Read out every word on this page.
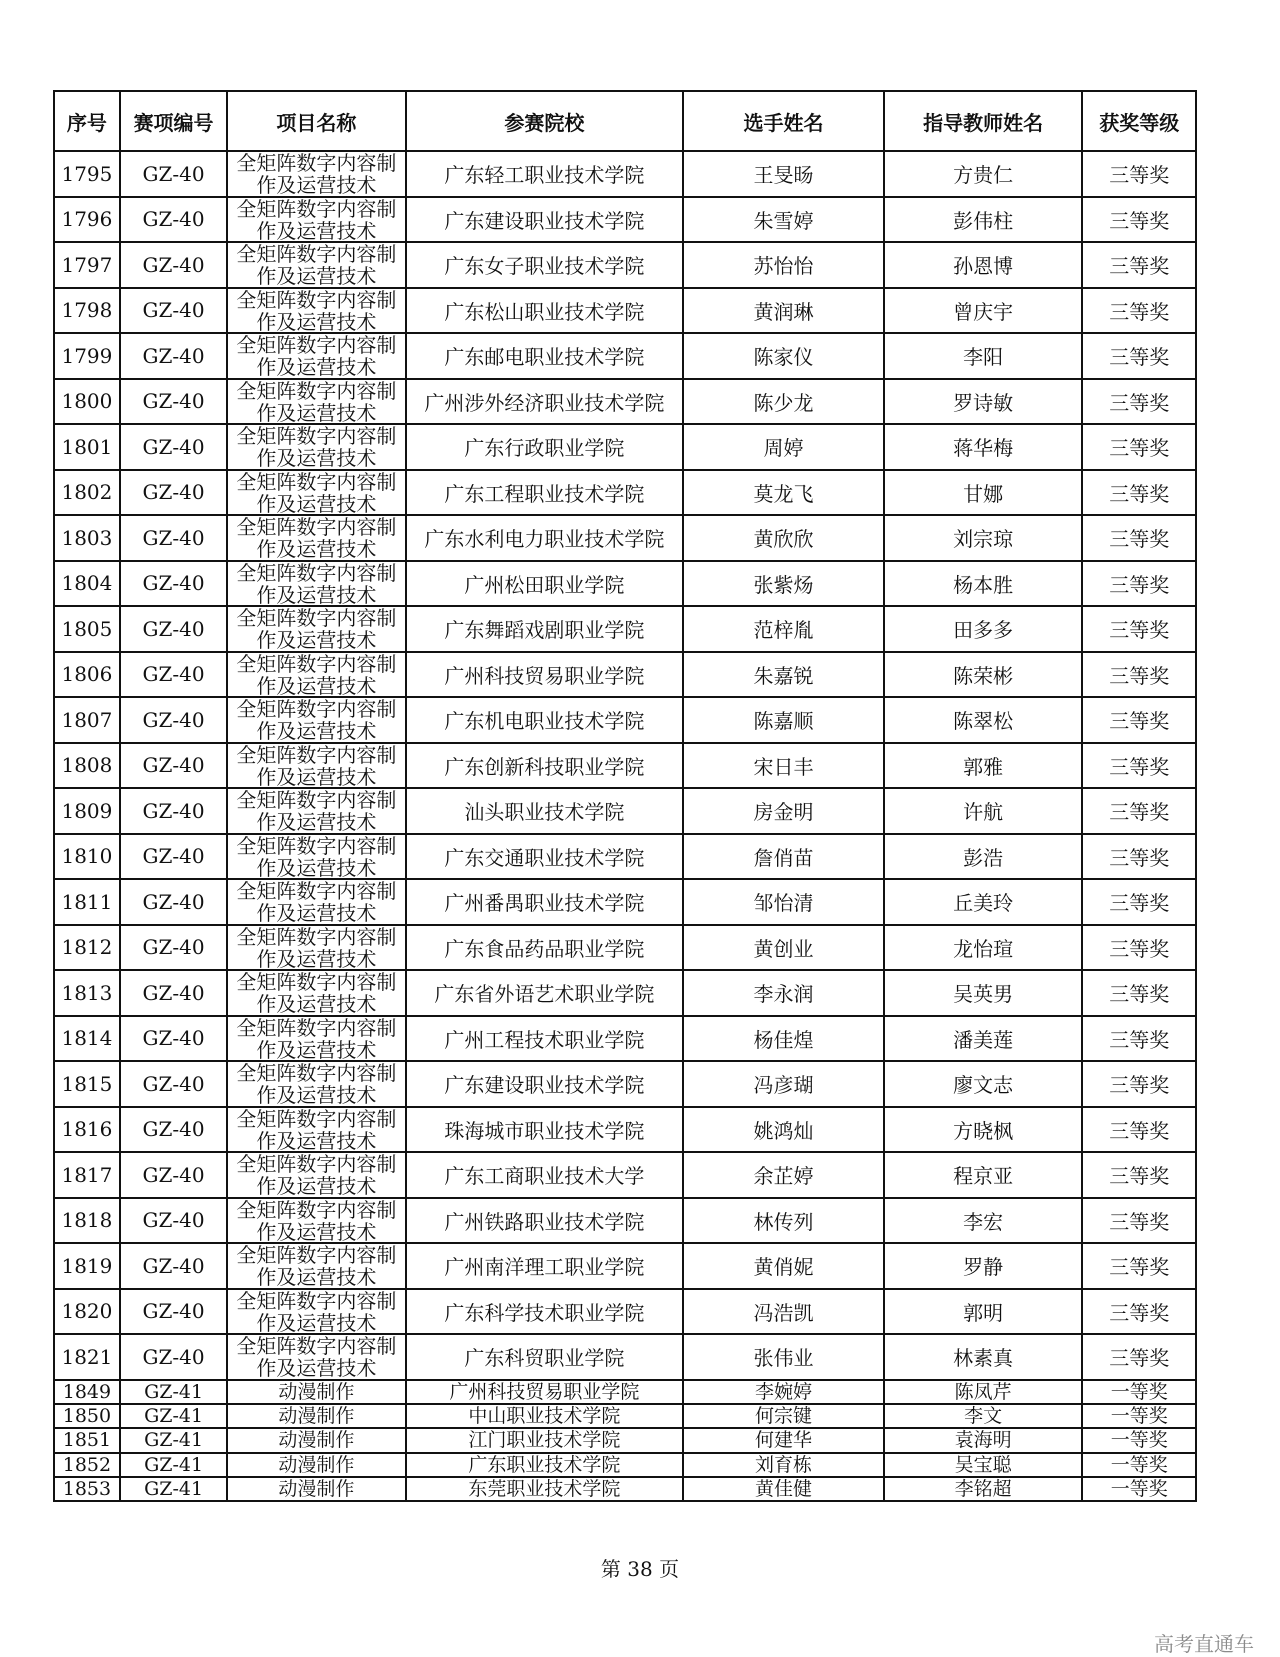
序号	赛项编号	项目名称	参赛院校	选手姓名	指导教师姓名	获奖等级
1795	GZ-40	全矩阵数字内容制作及运营技术	广东轻工职业技术学院	王旻旸	方贵仁	三等奖
1796	GZ-40	全矩阵数字内容制作及运营技术	广东建设职业技术学院	朱雪婷	彭伟柱	三等奖
1797	GZ-40	全矩阵数字内容制作及运营技术	广东女子职业技术学院	苏怡怡	孙恩博	三等奖
1798	GZ-40	全矩阵数字内容制作及运营技术	广东松山职业技术学院	黄润琳	曾庆宇	三等奖
1799	GZ-40	全矩阵数字内容制作及运营技术	广东邮电职业技术学院	陈家仪	李阳	三等奖
1800	GZ-40	全矩阵数字内容制作及运营技术	广州涉外经济职业技术学院	陈少龙	罗诗敏	三等奖
1801	GZ-40	全矩阵数字内容制作及运营技术	广东行政职业学院	周婷	蒋华梅	三等奖
1802	GZ-40	全矩阵数字内容制作及运营技术	广东工程职业技术学院	莫龙飞	甘娜	三等奖
1803	GZ-40	全矩阵数字内容制作及运营技术	广东水利电力职业技术学院	黄欣欣	刘宗琼	三等奖
1804	GZ-40	全矩阵数字内容制作及运营技术	广州松田职业学院	张紫炀	杨本胜	三等奖
1805	GZ-40	全矩阵数字内容制作及运营技术	广东舞蹈戏剧职业学院	范梓胤	田多多	三等奖
1806	GZ-40	全矩阵数字内容制作及运营技术	广州科技贸易职业学院	朱嘉锐	陈荣彬	三等奖
1807	GZ-40	全矩阵数字内容制作及运营技术	广东机电职业技术学院	陈嘉顺	陈翠松	三等奖
1808	GZ-40	全矩阵数字内容制作及运营技术	广东创新科技职业学院	宋日丰	郭雅	三等奖
1809	GZ-40	全矩阵数字内容制作及运营技术	汕头职业技术学院	房金明	许航	三等奖
1810	GZ-40	全矩阵数字内容制作及运营技术	广东交通职业技术学院	詹俏苗	彭浩	三等奖
1811	GZ-40	全矩阵数字内容制作及运营技术	广州番禺职业技术学院	邹怡清	丘美玲	三等奖
1812	GZ-40	全矩阵数字内容制作及运营技术	广东食品药品职业学院	黄创业	龙怡瑄	三等奖
1813	GZ-40	全矩阵数字内容制作及运营技术	广东省外语艺术职业学院	李永润	吴英男	三等奖
1814	GZ-40	全矩阵数字内容制作及运营技术	广州工程技术职业学院	杨佳煌	潘美莲	三等奖
1815	GZ-40	全矩阵数字内容制作及运营技术	广东建设职业技术学院	冯彦瑚	廖文志	三等奖
1816	GZ-40	全矩阵数字内容制作及运营技术	珠海城市职业技术学院	姚鸿灿	方晓枫	三等奖
1817	GZ-40	全矩阵数字内容制作及运营技术	广东工商职业技术大学	余芷婷	程京亚	三等奖
1818	GZ-40	全矩阵数字内容制作及运营技术	广州铁路职业技术学院	林传列	李宏	三等奖
1819	GZ-40	全矩阵数字内容制作及运营技术	广州南洋理工职业学院	黄俏妮	罗静	三等奖
1820	GZ-40	全矩阵数字内容制作及运营技术	广东科学技术职业学院	冯浩凯	郭明	三等奖
1821	GZ-40	全矩阵数字内容制作及运营技术	广东科贸职业学院	张伟业	林素真	三等奖
1849	GZ-41	动漫制作	广州科技贸易职业学院	李婉婷	陈凤芹	一等奖
1850	GZ-41	动漫制作	中山职业技术学院	何宗键	李文	一等奖
1851	GZ-41	动漫制作	江门职业技术学院	何建华	袁海明	一等奖
1852	GZ-41	动漫制作	广东职业技术学院	刘育栋	吴宝聪	一等奖
1853	GZ-41	动漫制作	东莞职业技术学院	黄佳健	李铭超	一等奖
第 38 页
高考直通车
